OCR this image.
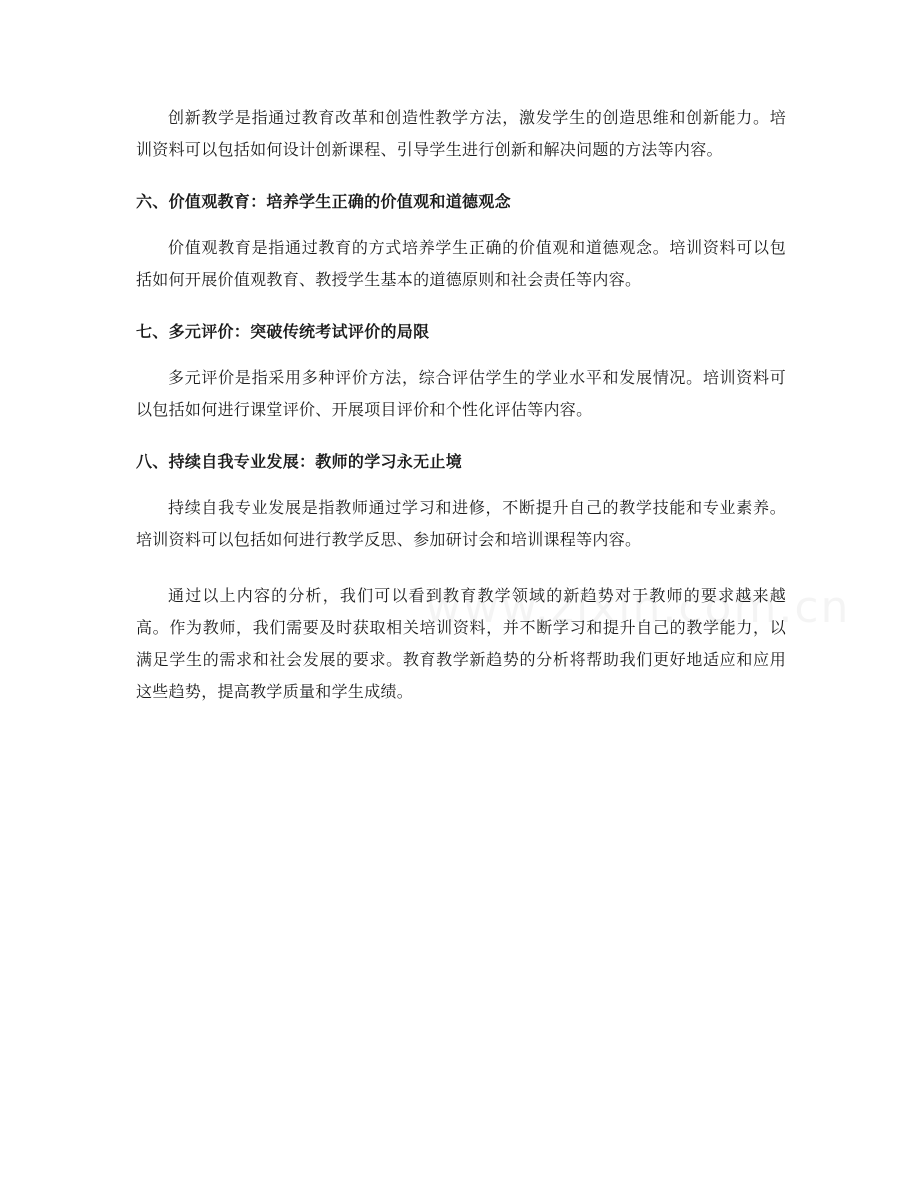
创新教学是指通过教育改革和创造性教学方法，激发学生的创造思维和创新能力。培训资料可以包括如何设计创新课程、引导学生进行创新和解决问题的方法等内容。

六、价值观教育：培养学生正确的价值观和道德观念

价值观教育是指通过教育的方式培养学生正确的价值观和道德观念。培训资料可以包括如何开展价值观教育、教授学生基本的道德原则和社会责任等内容。

七、多元评价：突破传统考试评价的局限

多元评价是指采用多种评价方法，综合评估学生的学业水平和发展情况。培训资料可以包括如何进行课堂评价、开展项目评价和个性化评估等内容。

八、持续自我专业发展：教师的学习永无止境

持续自我专业发展是指教师通过学习和进修，不断提升自己的教学技能和专业素养。培训资料可以包括如何进行教学反思、参加研讨会和培训课程等内容。

通过以上内容的分析，我们可以看到教育教学领域的新趋势对于教师的要求越来越高。作为教师，我们需要及时获取相关培训资料，并不断学习和提升自己的教学能力，以满足学生的需求和社会发展的要求。教育教学新趋势的分析将帮助我们更好地适应和应用这些趋势，提高教学质量和学生成绩。
